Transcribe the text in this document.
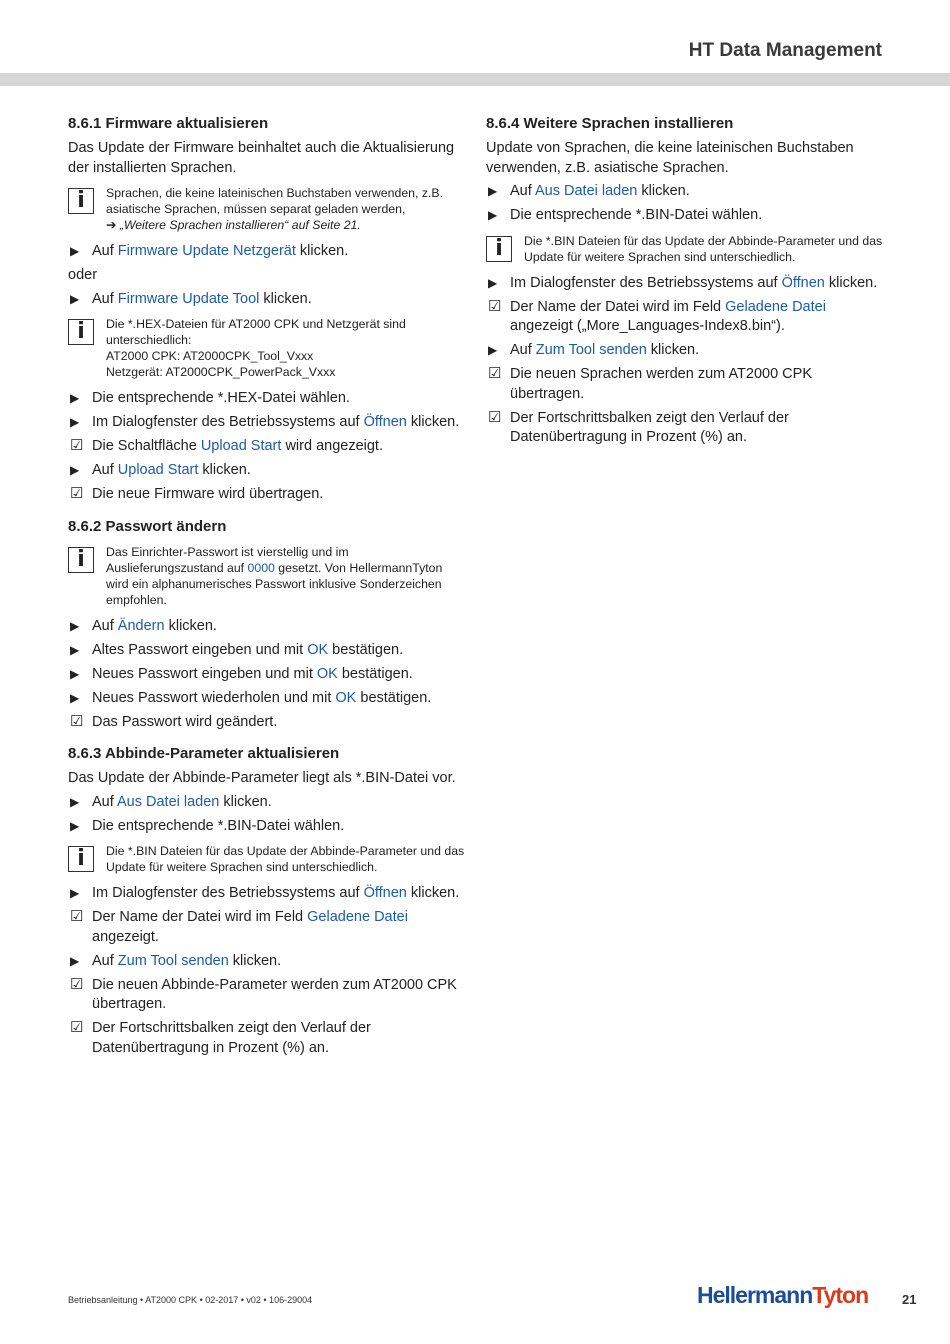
HT Data Management
8.6.1 Firmware aktualisieren

Das Update der Firmware beinhaltet auch die Aktualisierung der installierten Sprachen.

i	Sprachen, die keine lateinischen Buchstaben verwenden, z.B. asiatische Sprachen, müssen separat geladen werden,
➔ „Weitere Sprachen installieren“ auf Seite 21.
▶ Auf Firmware Update Netzgerät klicken.

oder

▶ Auf Firmware Update Tool klicken.
i	Die *.HEX-Dateien für AT2000 CPK und Netzgerät sind unterschiedlich:
AT2000 CPK: AT2000CPK_Tool_Vxxx
Netzgerät: AT2000CPK_PowerPack_Vxxx
▶ Die entsprechende *.HEX-Datei wählen.
▶ Im Dialogfenster des Betriebssystems auf Öffnen klicken.
☑ Die Schaltfläche Upload Start wird angezeigt.
▶ Auf Upload Start klicken.
☑ Die neue Firmware wird übertragen.
8.6.2 Passwort ändern
i	Das Einrichter-Passwort ist vierstellig und im Auslieferungszustand auf 0000 gesetzt. Von HellermannTyton wird ein alphanumerisches Passwort inklusive Sonderzeichen empfohlen.
▶ Auf Ändern klicken.
▶ Altes Passwort eingeben und mit OK bestätigen.
▶ Neues Passwort eingeben und mit OK bestätigen.
▶ Neues Passwort wiederholen und mit OK bestätigen.
☑ Das Passwort wird geändert.
8.6.3 Abbinde-Parameter aktualisieren

Das Update der Abbinde-Parameter liegt als *.BIN-Datei vor.

▶ Auf Aus Datei laden klicken.
▶ Die entsprechende *.BIN-Datei wählen.
i	Die *.BIN Dateien für das Update der Abbinde-Parameter und das Update für weitere Sprachen sind unterschiedlich.
▶ Im Dialogfenster des Betriebssystems auf Öffnen klicken.
☑ Der Name der Datei wird im Feld Geladene Datei angezeigt.
▶ Auf Zum Tool senden klicken.
☑ Die neuen Abbinde-Parameter werden zum AT2000 CPK übertragen.
☑ Der Fortschrittsbalken zeigt den Verlauf der Datenübertragung in Prozent (%) an.
8.6.4 Weitere Sprachen installieren

Update von Sprachen, die keine lateinischen Buchstaben verwenden, z.B. asiatische Sprachen.

▶ Auf Aus Datei laden klicken.
▶ Die entsprechende *.BIN-Datei wählen.
i	Die *.BIN Dateien für das Update der Abbinde-Parameter und das Update für weitere Sprachen sind unterschiedlich.
▶ Im Dialogfenster des Betriebssystems auf Öffnen klicken.
☑ Der Name der Datei wird im Feld Geladene Datei angezeigt („More_Languages-Index8.bin“).
▶ Auf Zum Tool senden klicken.
☑ Die neuen Sprachen werden zum AT2000 CPK übertragen.
☑ Der Fortschrittsbalken zeigt den Verlauf der Datenübertragung in Prozent (%) an.
Betriebsanleitung • AT2000 CPK • 02-2017 • v02 • 106-29004	HellermannTyton	21
